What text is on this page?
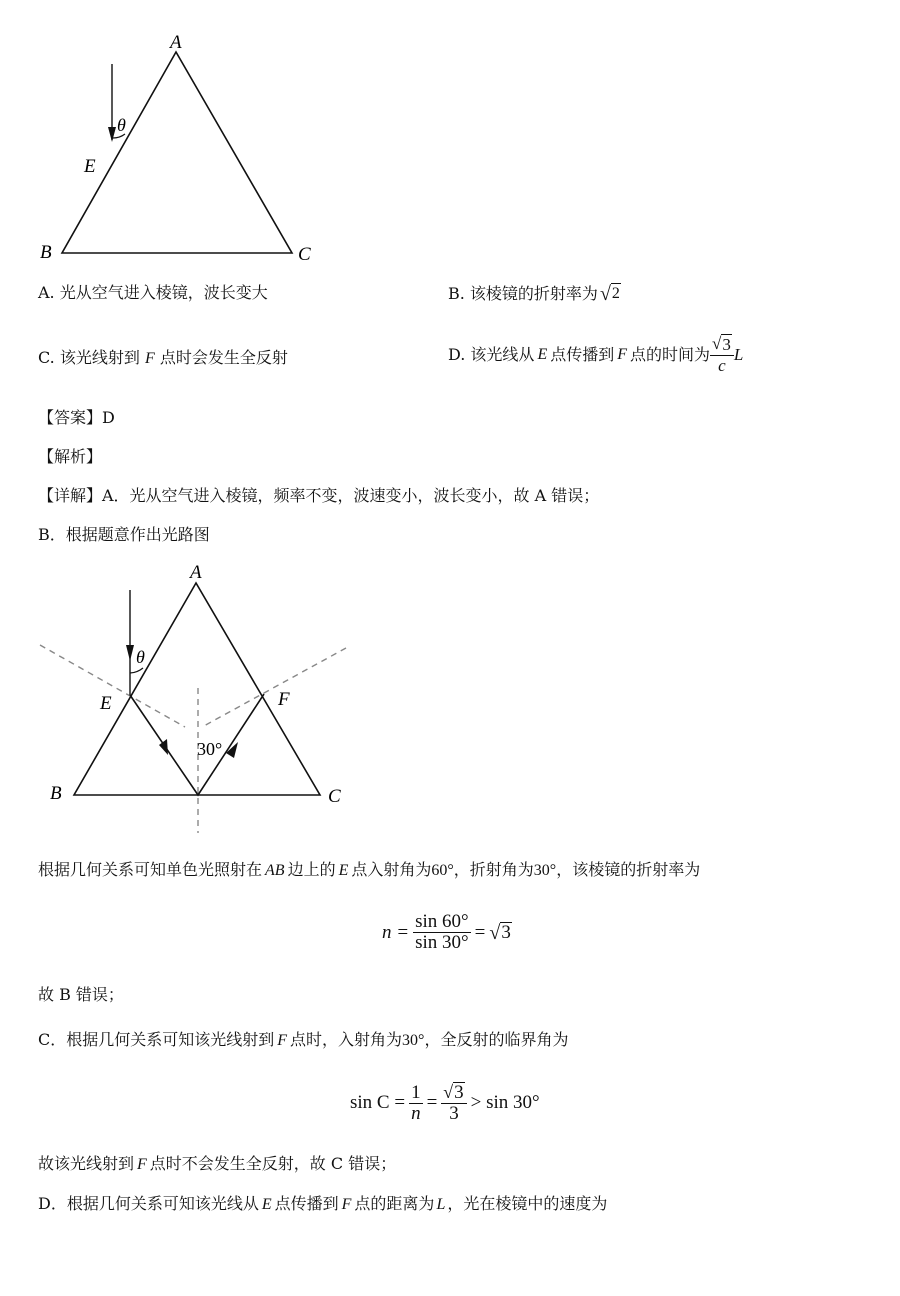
A
B	C
E
θ
A. 光从空气进入棱镜，波长变大	B. 该棱镜的折射率为 √ 2
C. 该光线射到 F 点时会发生全反射	D. 该光线从 E 点传播到 F 点的时间为 $\frac{√ 3}{c}$ L
【答案】D
【解析】
【详解】A．光从空气进入棱镜，频率不变，波速变小，波长变小，故 A 错误；
B．根据题意作出光路图
A
B	C
E	F
θ
30°
根据几何关系可知单色光照射在 AB 边上的 E 点入射角为60°，折射角为30°，该棱镜的折射率为
$n = \frac{\sin 60^\circ}{\sin 30^\circ}$ = √ 3
故 B 错误；
C．根据几何关系可知该光线射到 F 点时，入射角为30°，全反射的临界角为
$\sin C = \frac{1}{n} = \frac{√ 3}{3} > \sin 30^\circ$
故该光线射到 F 点时不会发生全反射，故 C 错误；
D．根据几何关系可知该光线从 E 点传播到 F 点的距离为 L ，光在棱镜中的速度为
